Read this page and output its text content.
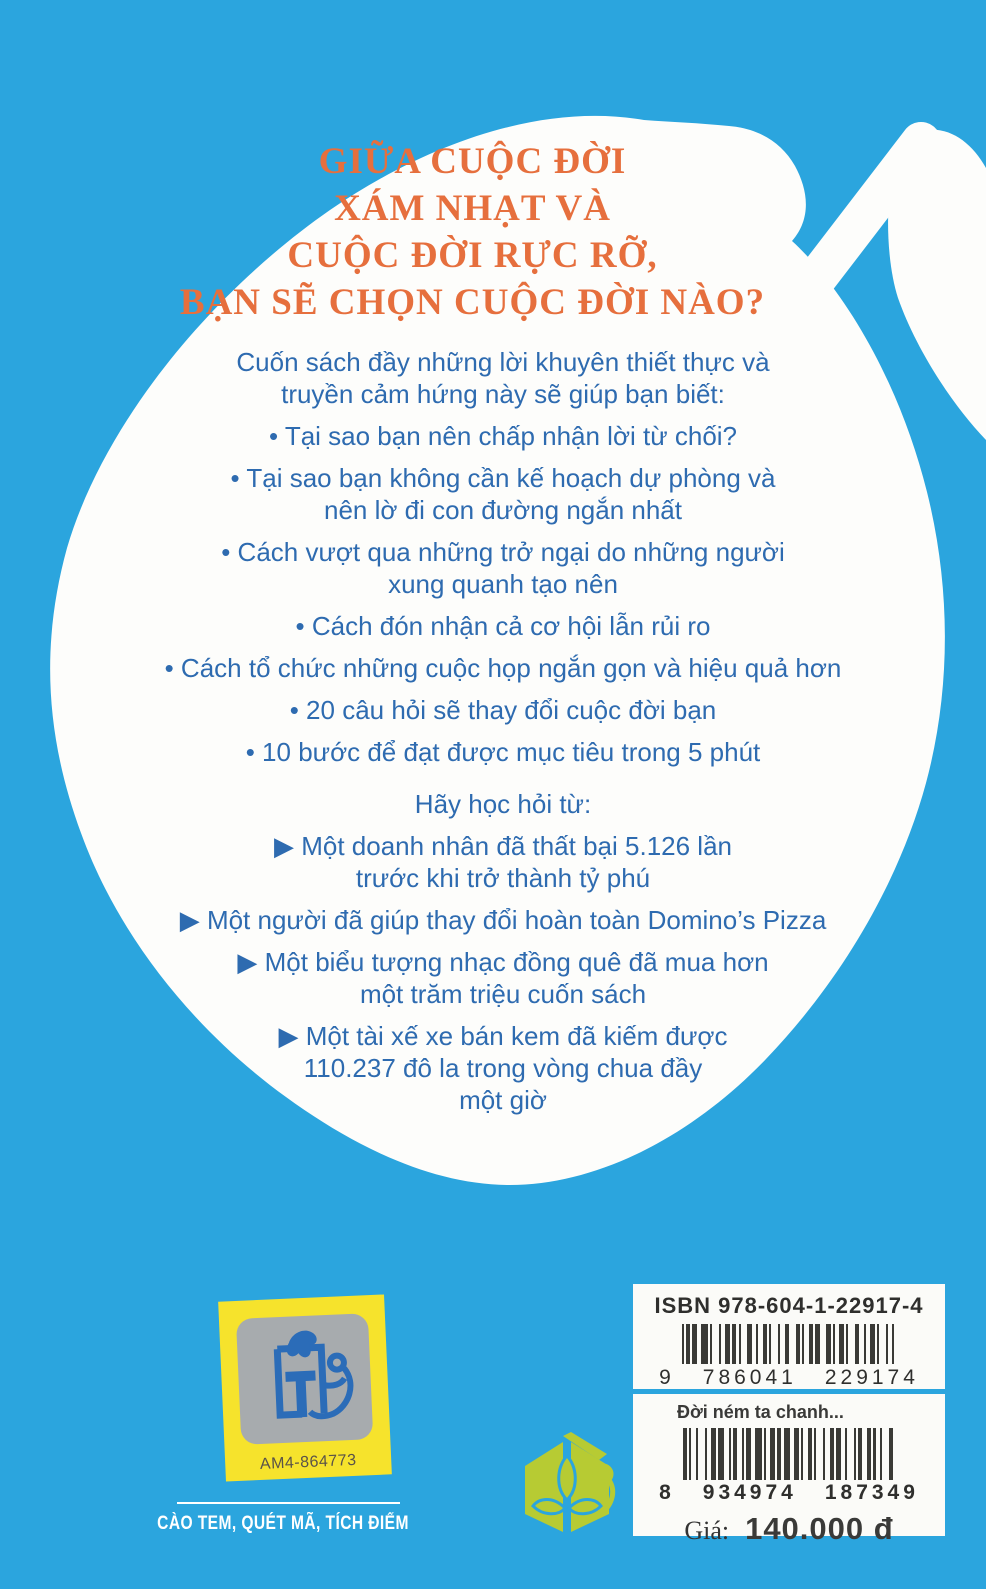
GIỮA CUỘC ĐỜI
XÁM NHẠT VÀ
CUỘC ĐỜI RỰC RỠ,
BẠN SẼ CHỌN CUỘC ĐỜI NÀO?
Cuốn sách đầy những lời khuyên thiết thực và
truyền cảm hứng này sẽ giúp bạn biết:
• Tại sao bạn nên chấp nhận lời từ chối?
• Tại sao bạn không cần kế hoạch dự phòng và
nên lờ đi con đường ngắn nhất
• Cách vượt qua những trở ngại do những người
xung quanh tạo nên
• Cách đón nhận cả cơ hội lẫn rủi ro
• Cách tổ chức những cuộc họp ngắn gọn và hiệu quả hơn
• 20 câu hỏi sẽ thay đổi cuộc đời bạn
• 10 bước để đạt được mục tiêu trong 5 phút
Hãy học hỏi từ:
▶ Một doanh nhân đã thất bại 5.126 lần
trước khi trở thành tỷ phú
▶ Một người đã giúp thay đổi hoàn toàn Domino’s Pizza
▶ Một biểu tượng nhạc đồng quê đã mua hơn
một trăm triệu cuốn sách
▶ Một tài xế xe bán kem đã kiếm được
110.237 đô la trong vòng chua đầy
một giờ
AM4-864773
CÀO TEM, QUÉT MÃ, TÍCH ĐIỂM
ISBN 978-604-1-22917-4
9 786041 229174
Đời ném ta chanh...
8 934974 187349
Giá: 140.000 đ
